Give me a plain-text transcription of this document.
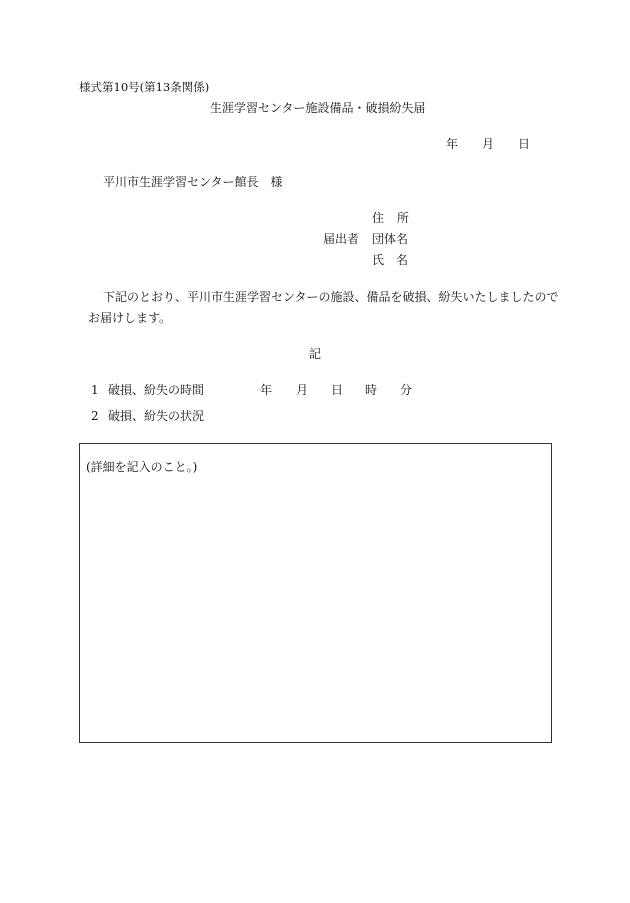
様式第10号(第13条関係)
生涯学習センター施設備品・破損紛失届
年 月 日
平川市生涯学習センター館長　様
住　所
届出者 団体名
氏　名
下記のとおり、平川市生涯学習センターの施設、備品を破損、紛失いたしましたので
お届けします。
記
1 破損、紛失の時間	年 月 日 時 分
2 破損、紛失の状況
(詳細を記入のこと。)
